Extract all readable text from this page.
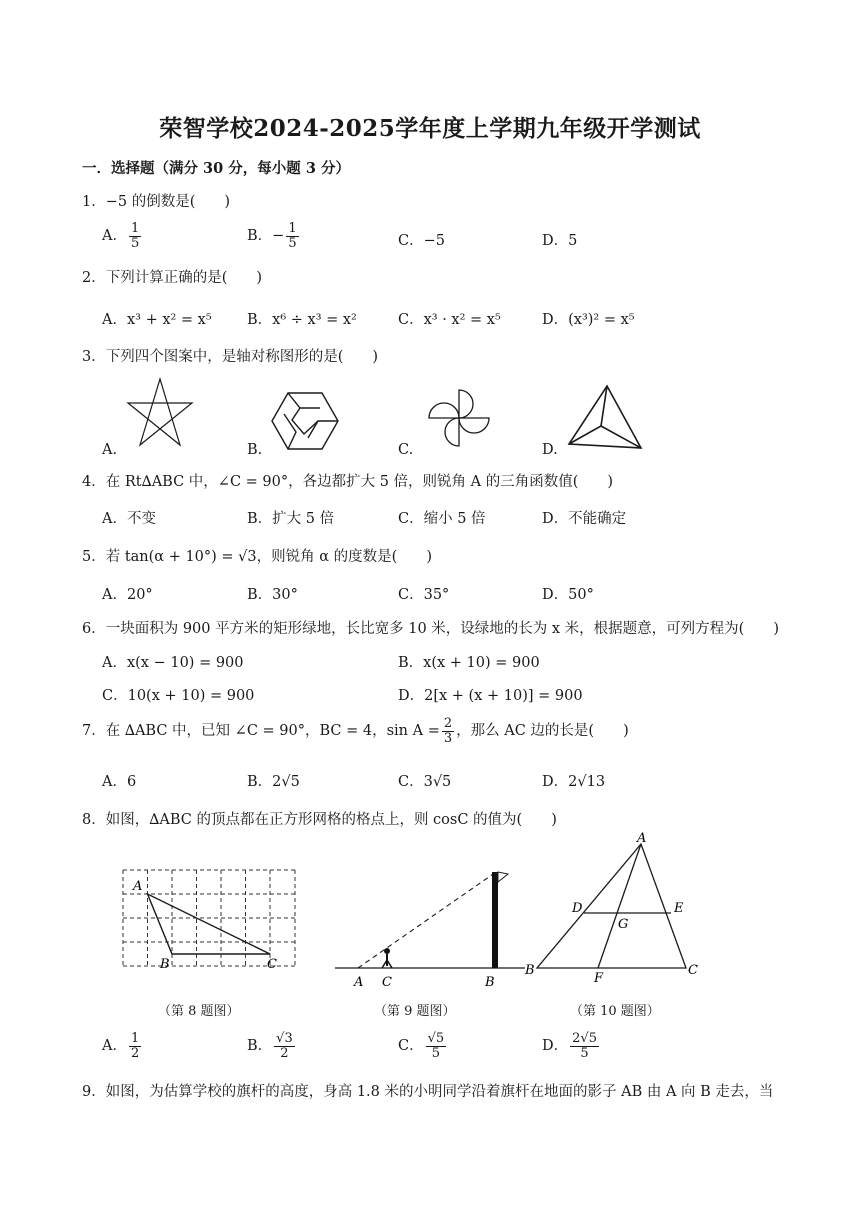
荣智学校2024-2025学年度上学期九年级开学测试
一．选择题（满分 30 分，每小题 3 分）
1．−5 的倒数是(　　)
A． $\frac{1}{5}$	B．− $\frac{1}{5}$	C．−5	D．5
2．下列计算正确的是(　　)
A．x³ + x² = x⁵ B．x⁶ ÷ x³ = x²	C．x³ · x² = x⁵	D．(x³)² = x⁵
3．下列四个图案中，是轴对称图形的是(　　)
A.	B.	C.	D.
4．在 Rt∆ABC 中，∠C = 90°，各边都扩大 5 倍，则锐角 A 的三角函数值(　　)
A．不变	B．扩大 5 倍	C．缩小 5 倍	D．不能确定
5．若 tan(α + 10°) = √3，则锐角 α 的度数是(　　)
A．20°	B．30°	C．35°	D．50°
6．一块面积为 900 平方米的矩形绿地，长比宽多 10 米，设绿地的长为 x 米，根据题意，可列方程为(　　)
A．x(x − 10) = 900	B．x(x + 10) = 900
C．10(x + 10) = 900	D．2[x + (x + 10)] = 900
7．在 ∆ABC 中，已知 ∠C = 90°，BC = 4，$\sin A = \frac{2}{3}$ ，那么 AC 边的长是(　　)
A．6	B．2√5	C．3√5	D．2√13
8．如图，∆ABC 的顶点都在正方形网格的格点上，则 cosC 的值为(　　)
A
B	C
（第 8 题图）
A C	B
（第 9 题图）
A
D	E
G
B
F
C
（第 10 题图）
A． $\frac{1}{2}$	B． $\frac{√3}{2}$	C． $\frac{√5}{5}$	D． $\frac{2√5}{5}$
9．如图，为估算学校的旗杆的高度，身高 1.8 米的小明同学沿着旗杆在地面的影子 AB 由 A 向 B 走去，当
